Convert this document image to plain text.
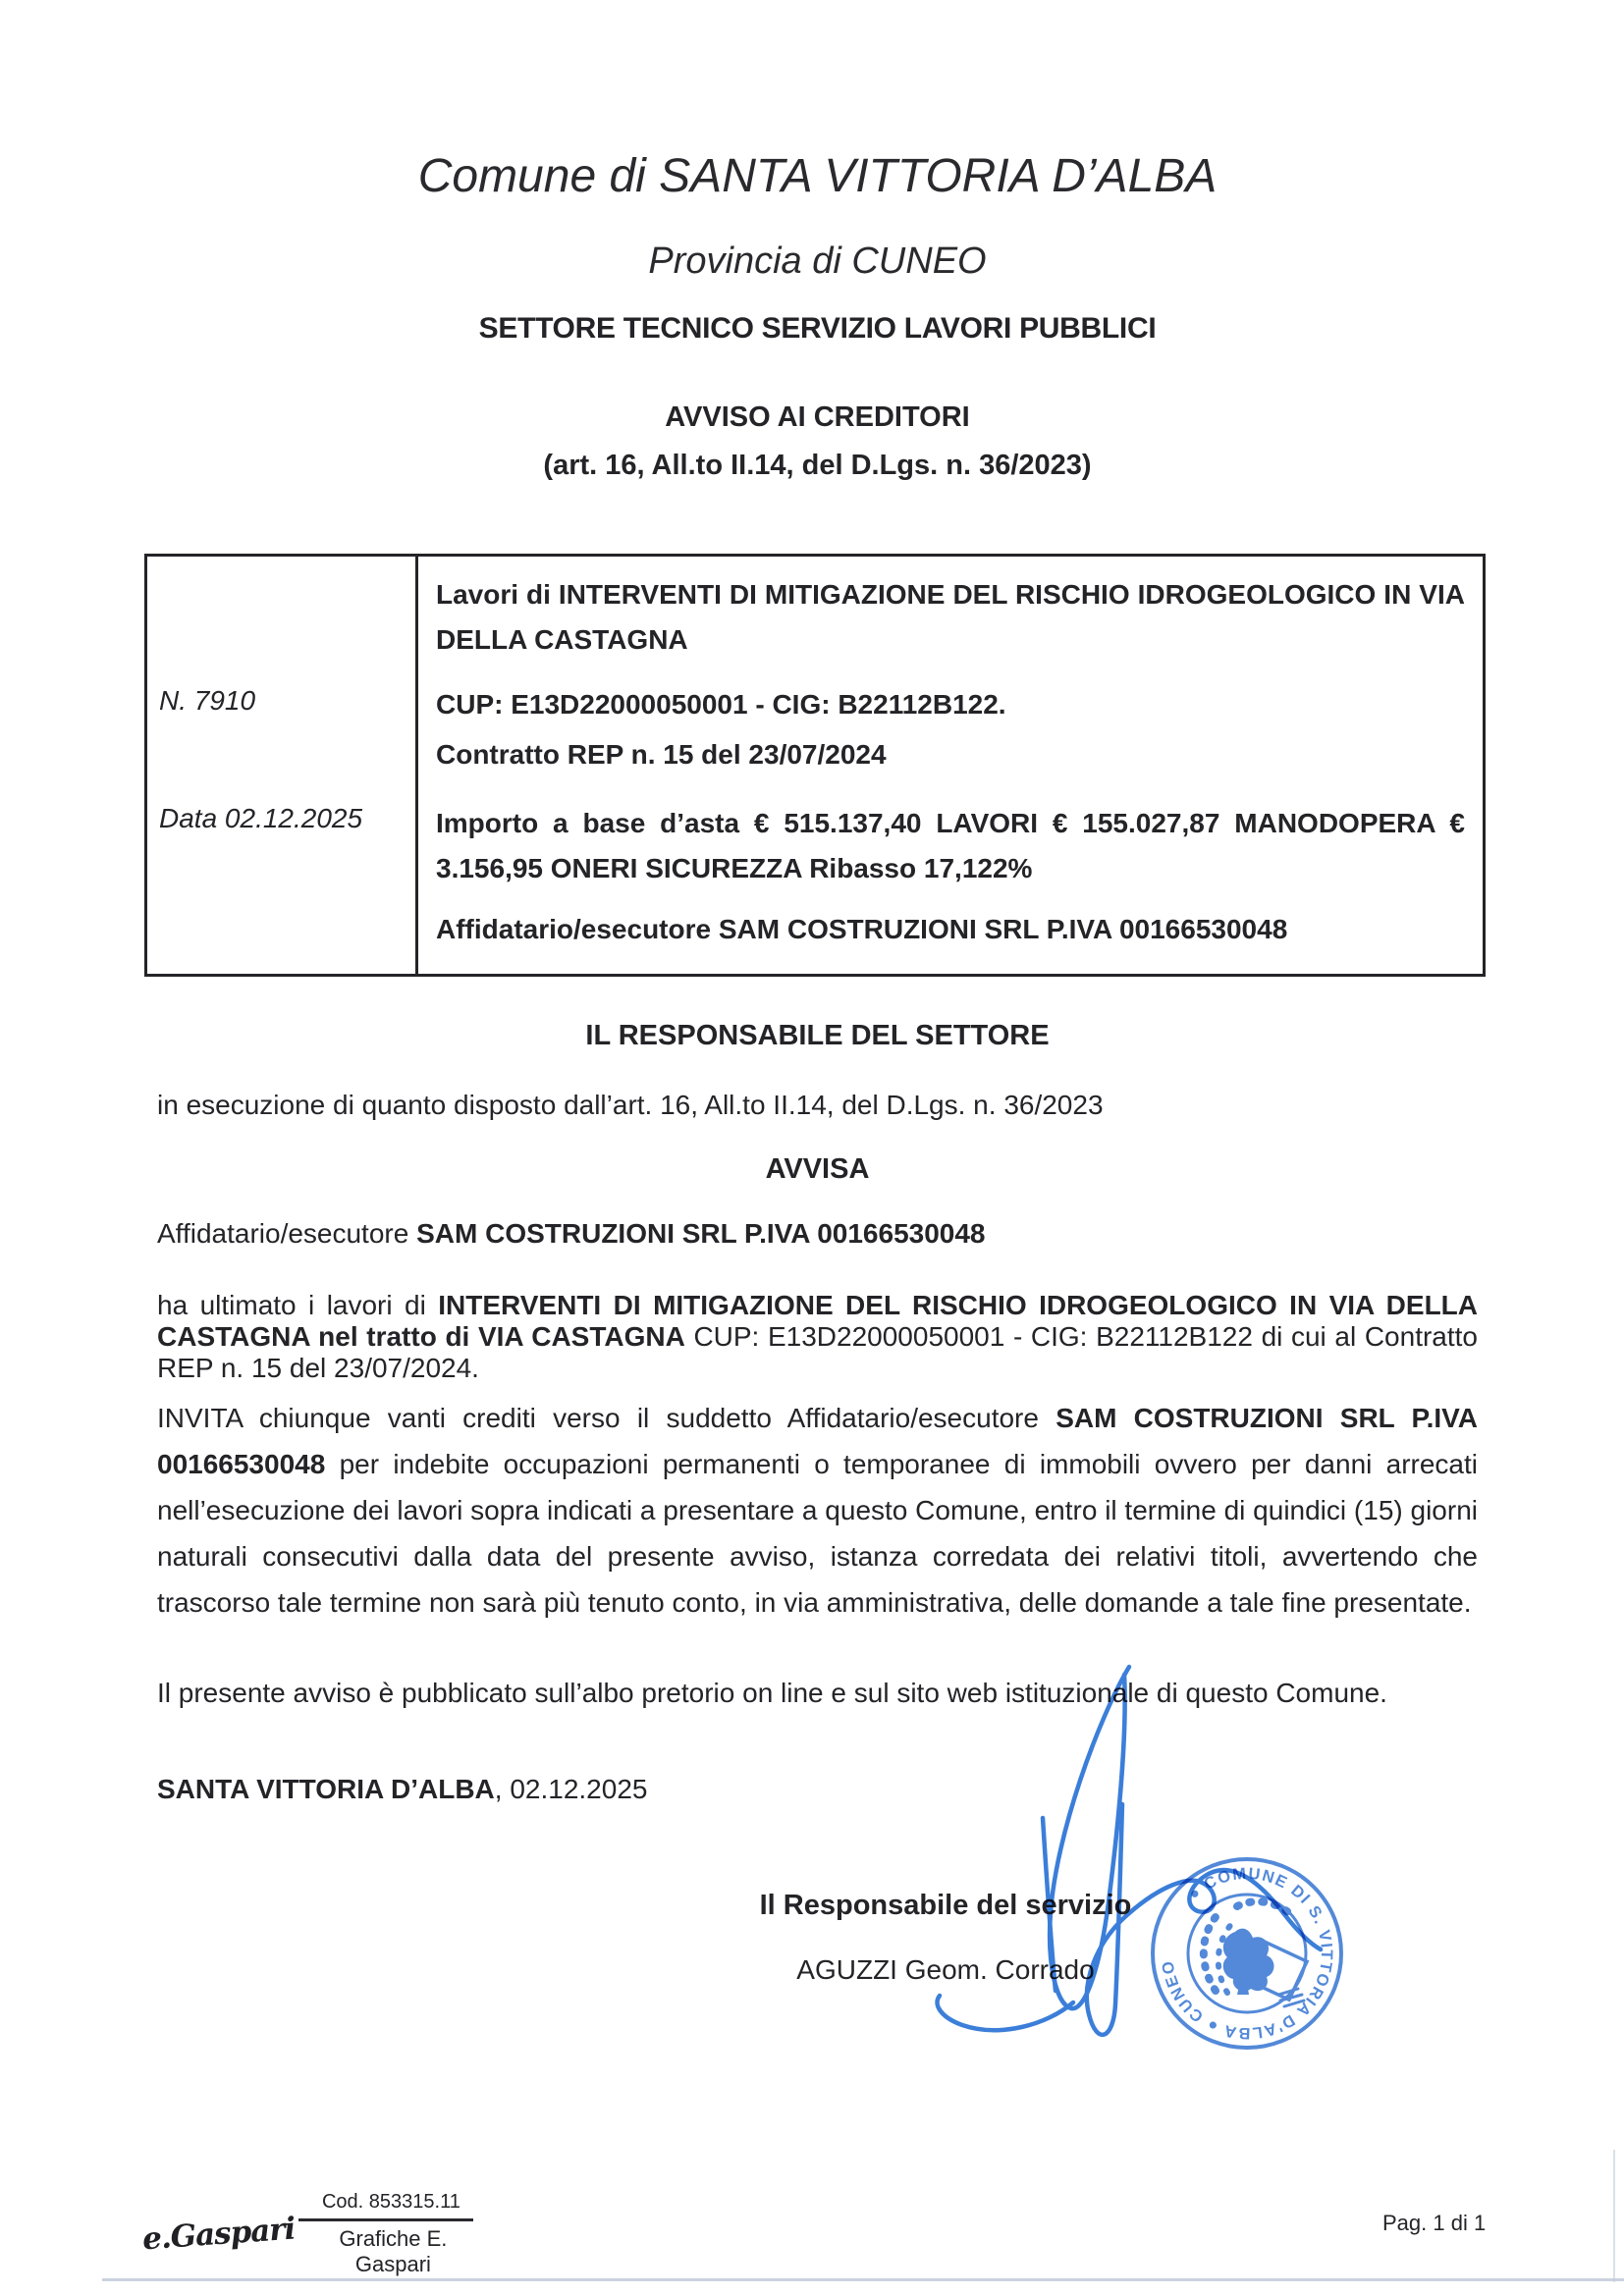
Comune di SANTA VITTORIA D’ALBA
Provincia di CUNEO
SETTORE TECNICO SERVIZIO LAVORI PUBBLICI
AVVISO AI CREDITORI
(art. 16, All.to II.14, del D.Lgs. n. 36/2023)
N. 7910
Data 02.12.2025

Lavori di INTERVENTI DI MITIGAZIONE DEL RISCHIO IDROGEOLOGICO IN VIA DELLA CASTAGNA

CUP: E13D22000050001 - CIG: B22112B122.

Contratto REP n. 15 del 23/07/2024

Importo a base d’asta € 515.137,40 LAVORI € 155.027,87 MANODOPERA € 3.156,95 ONERI SICUREZZA Ribasso 17,122%

Affidatario/esecutore SAM COSTRUZIONI SRL P.IVA 00166530048

IL RESPONSABILE DEL SETTORE
in esecuzione di quanto disposto dall’art. 16, All.to II.14, del D.Lgs. n. 36/2023
AVVISA
Affidatario/esecutore SAM COSTRUZIONI SRL P.IVA 00166530048
ha ultimato i lavori di INTERVENTI DI MITIGAZIONE DEL RISCHIO IDROGEOLOGICO IN VIA DELLA CASTAGNA nel tratto di VIA CASTAGNA CUP: E13D22000050001 - CIG: B22112B122 di cui al Contratto REP n. 15 del 23/07/2024.
INVITA chiunque vanti crediti verso il suddetto Affidatario/esecutore SAM COSTRUZIONI SRL P.IVA 00166530048 per indebite occupazioni permanenti o temporanee di immobili ovvero per danni arrecati nell’esecuzione dei lavori sopra indicati a presentare a questo Comune, entro il termine di quindici (15) giorni naturali consecutivi dalla data del presente avviso, istanza corredata dei relativi titoli, avvertendo che trascorso tale termine non sarà più tenuto conto, in via amministrativa, delle domande a tale fine presentate.
Il presente avviso è pubblicato sull’albo pretorio on line e sul sito web istituzionale di questo Comune.
SANTA VITTORIA D’ALBA, 02.12.2025
Il Responsabile del servizio
AGUZZI Geom. Corrado
● COMUNE DI S. VITTORIA D'ALBA ● CUNEO
e.Gaspari
Cod. 853315.11
Grafiche E. Gaspari
Pag. 1 di 1
